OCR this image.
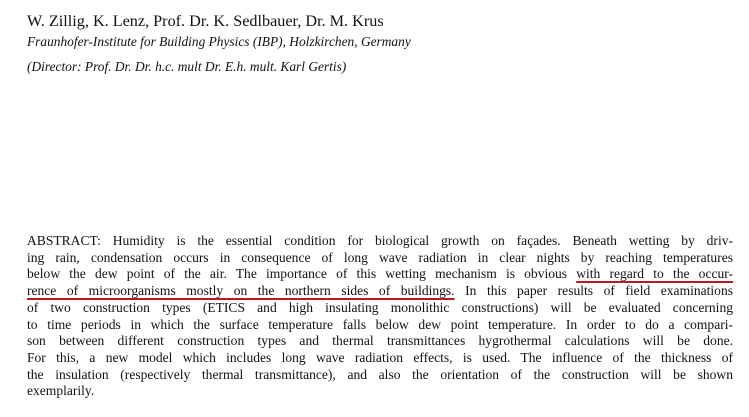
W. Zillig, K. Lenz, Prof. Dr. K. Sedlbauer, Dr. M. Krus
Fraunhofer-Institute for Building Physics (IBP), Holzkirchen, Germany
(Director: Prof. Dr. Dr. h.c. mult Dr. E.h. mult. Karl Gertis)
ABSTRACT: Humidity is the essential condition for biological growth on façades. Beneath wetting by driv-
ing rain, condensation occurs in consequence of long wave radiation in clear nights by reaching temperatures
below the dew point of the air. The importance of this wetting mechanism is obvious with regard to the occur-
rence of microorganisms mostly on the northern sides of buildings. In this paper results of field examinations
of two construction types (ETICS and high insulating monolithic constructions) will be evaluated concerning
to time periods in which the surface temperature falls below dew point temperature. In order to do a compari-
son between different construction types and thermal transmittances hygrothermal calculations will be done.
For this, a new model which includes long wave radiation effects, is used. The influence of the thickness of
the insulation (respectively thermal transmittance), and also the orientation of the construction will be shown
exemplarily.
